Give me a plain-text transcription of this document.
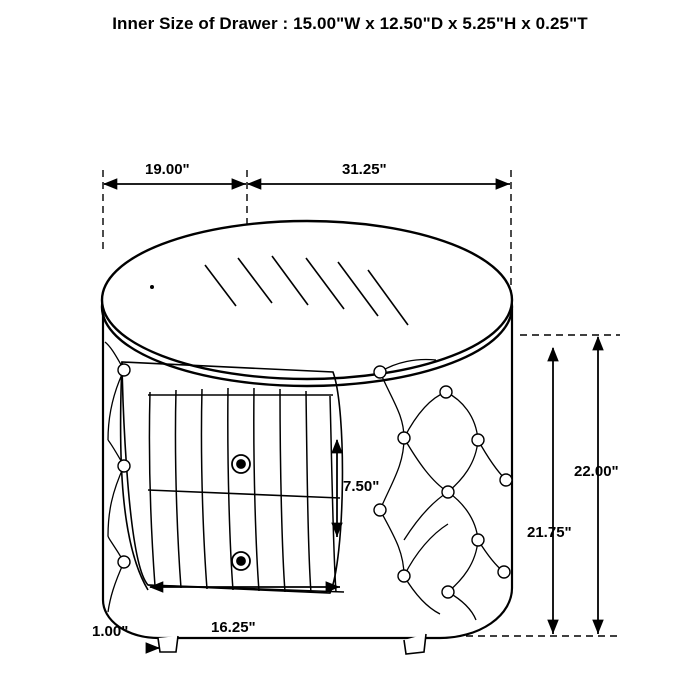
Inner Size of Drawer : 15.00"W x 12.50"D x 5.25"H x 0.25"T
19.00"	31.25"
7.50"
22.00"
21.75"
16.25"
1.00"
